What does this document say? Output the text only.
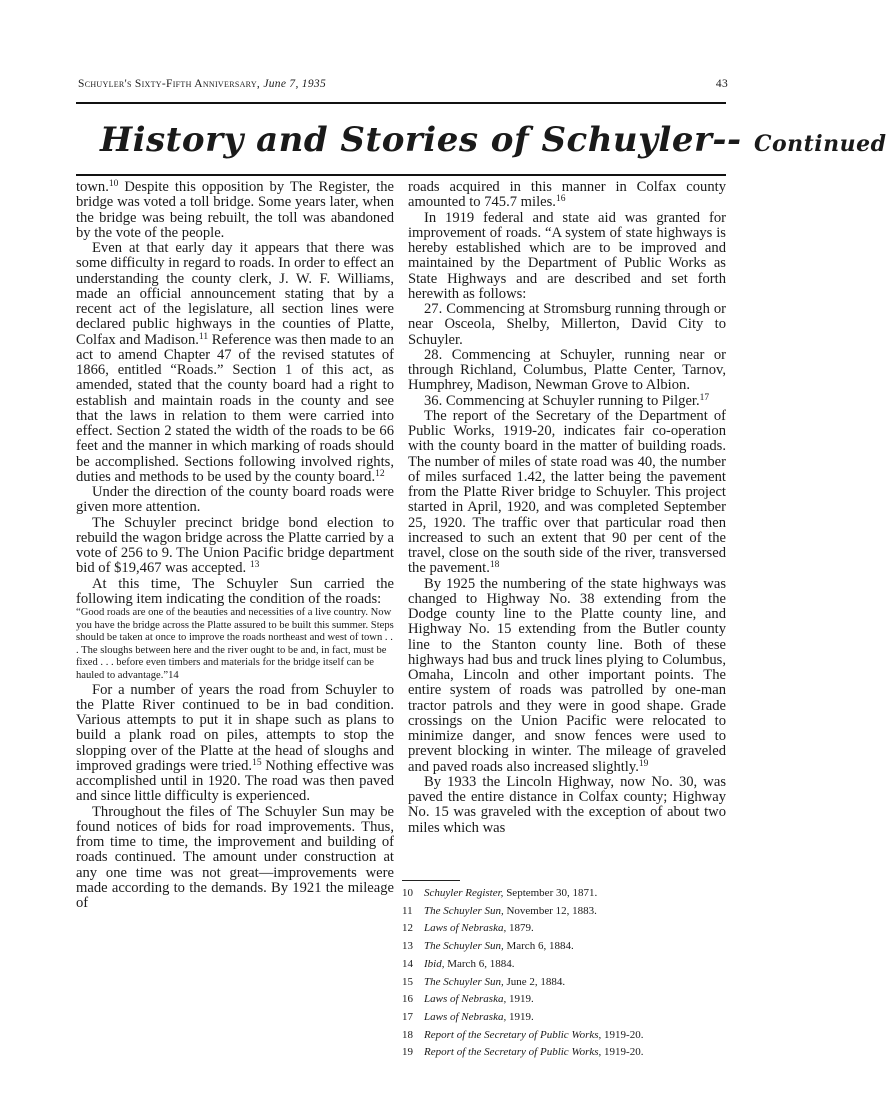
Schuyler's Sixty-Fifth Anniversary, June 7, 1935	43
History and Stories of Schuyler-- Continued

town.$^{10}$ Despite this opposition by The Register, the bridge was voted a toll bridge. Some years later, when the bridge was being rebuilt, the toll was abandoned by the vote of the people.

Even at that early day it appears that there was some difficulty in regard to roads. In order to effect an understanding the county clerk, J. W. F. Williams, made an official announcement stating that by a recent act of the legislature, all section lines were declared public highways in the counties of Platte, Colfax and Madison.$^{11}$ Reference was then made to an act to amend Chapter 47 of the revised statutes of 1866, entitled “Roads.” Section 1 of this act, as amended, stated that the county board had a right to establish and maintain roads in the county and see that the laws in relation to them were carried into effect. Section 2 stated the width of the roads to be 66 feet and the manner in which marking of roads should be accomplished. Sections following involved rights, duties and methods to be used by the county board.$^{12}$

Under the direction of the county board roads were given more attention.

The Schuyler precinct bridge bond election to rebuild the wagon bridge across the Platte carried by a vote of 256 to 9. The Union Pacific bridge department bid of $19,467 was accepted. $^{13}$

At this time, The Schuyler Sun carried the following item indicating the condition of the roads:

“Good roads are one of the beauties and necessities of a live country. Now you have the bridge across the Platte assured to be built this summer. Steps should be taken at once to improve the roads northeast and west of town . . . The sloughs between here and the river ought to be and, in fact, must be fixed . . . before even timbers and materials for the bridge itself can be hauled to advantage.”14

For a number of years the road from Schuyler to the Platte River continued to be in bad condition. Various attempts to put it in shape such as plans to build a plank road on piles, attempts to stop the slopping over of the Platte at the head of sloughs and improved gradings were tried.$^{15}$ Nothing effective was accomplished until in 1920. The road was then paved and since little difficulty is experienced.

Throughout the files of The Schuyler Sun may be found notices of bids for road improvements. Thus, from time to time, the improvement and building of roads continued. The amount under construction at any one time was not great—improvements were made according to the demands. By 1921 the mileage of

roads acquired in this manner in Colfax county amounted to 745.7 miles.$^{16}$

In 1919 federal and state aid was granted for improvement of roads. “A system of state highways is hereby established which are to be improved and maintained by the Department of Public Works as State Highways and are described and set forth herewith as follows:

27. Commencing at Stromsburg running through or near Osceola, Shelby, Millerton, David City to Schuyler.

28. Commencing at Schuyler, running near or through Richland, Columbus, Platte Center, Tarnov, Humphrey, Madison, Newman Grove to Albion.

36. Commencing at Schuyler running to Pilger.$^{17}$

The report of the Secretary of the Department of Public Works, 1919-20, indicates fair co-operation with the county board in the matter of building roads. The number of miles of state road was 40, the number of miles surfaced 1.42, the latter being the pavement from the Platte River bridge to Schuyler. This project started in April, 1920, and was completed September 25, 1920. The traffic over that particular road then increased to such an extent that 90 per cent of the travel, close on the south side of the river, transversed the pavement.$^{18}$

By 1925 the numbering of the state highways was changed to Highway No. 38 extending from the Dodge county line to the Platte county line, and Highway No. 15 extending from the Butler county line to the Stanton county line. Both of these highways had bus and truck lines plying to Columbus, Omaha, Lincoln and other important points. The entire system of roads was patrolled by one-man tractor patrols and they were in good shape. Grade crossings on the Union Pacific were relocated to minimize danger, and snow fences were used to prevent blocking in winter. The mileage of graveled and paved roads also increased slightly.$^{19}$

By 1933 the Lincoln Highway, now No. 30, was paved the entire distance in Colfax county; Highway No. 15 was graveled with the exception of about two miles which was

10 Schuyler Register, September 30, 1871.
11 The Schuyler Sun, November 12, 1883.
12 Laws of Nebraska, 1879.
13 The Schuyler Sun, March 6, 1884.
14 Ibid, March 6, 1884.
15 The Schuyler Sun, June 2, 1884.
16 Laws of Nebraska, 1919.
17 Laws of Nebraska, 1919.
18 Report of the Secretary of Public Works, 1919-20.
19 Report of the Secretary of Public Works, 1919-20.
